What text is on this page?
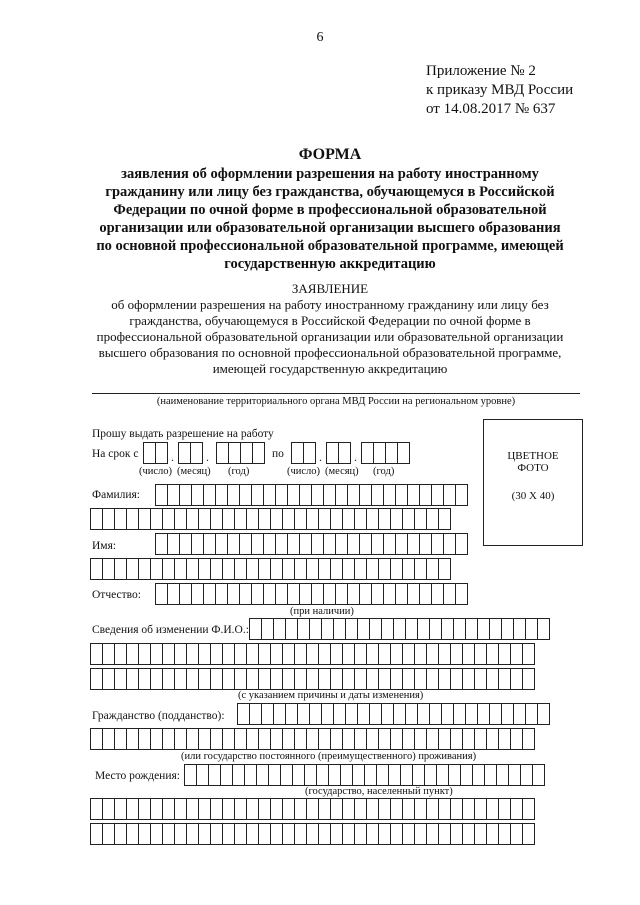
6
Приложение № 2
к приказу МВД России
от 14.08.2017 № 637
ФОРМА
заявления об оформлении разрешения на работу иностранному
гражданину или лицу без гражданства, обучающемуся в Российской
Федерации по очной форме в профессиональной образовательной
организации или образовательной организации высшего образования
по основной профессиональной образовательной программе, имеющей
государственную аккредитацию
ЗАЯВЛЕНИЕ
об оформлении разрешения на работу иностранному гражданину или лицу без
гражданства, обучающемуся в Российской Федерации по очной форме в
профессиональной образовательной организации или образовательной организации
высшего образования по основной профессиональной образовательной программе,
имеющей государственную аккредитацию
(наименование территориального органа МВД России на региональном уровне)
Прошу выдать разрешение на работу
На срок с	.	.	по	.	.
(число) (месяц) (год)	(число) (месяц) (год)
ЦВЕТНОЕ
ФОТО
(30 Х 40)
Фамилия:
Имя:
Отчество:
(при наличии)
Сведения об изменении Ф.И.О.:
(с указанием причины и даты изменения)
Гражданство (подданство):
(или государство постоянного (преимущественного) проживания)
Место рождения:
(государство, населенный пункт)
